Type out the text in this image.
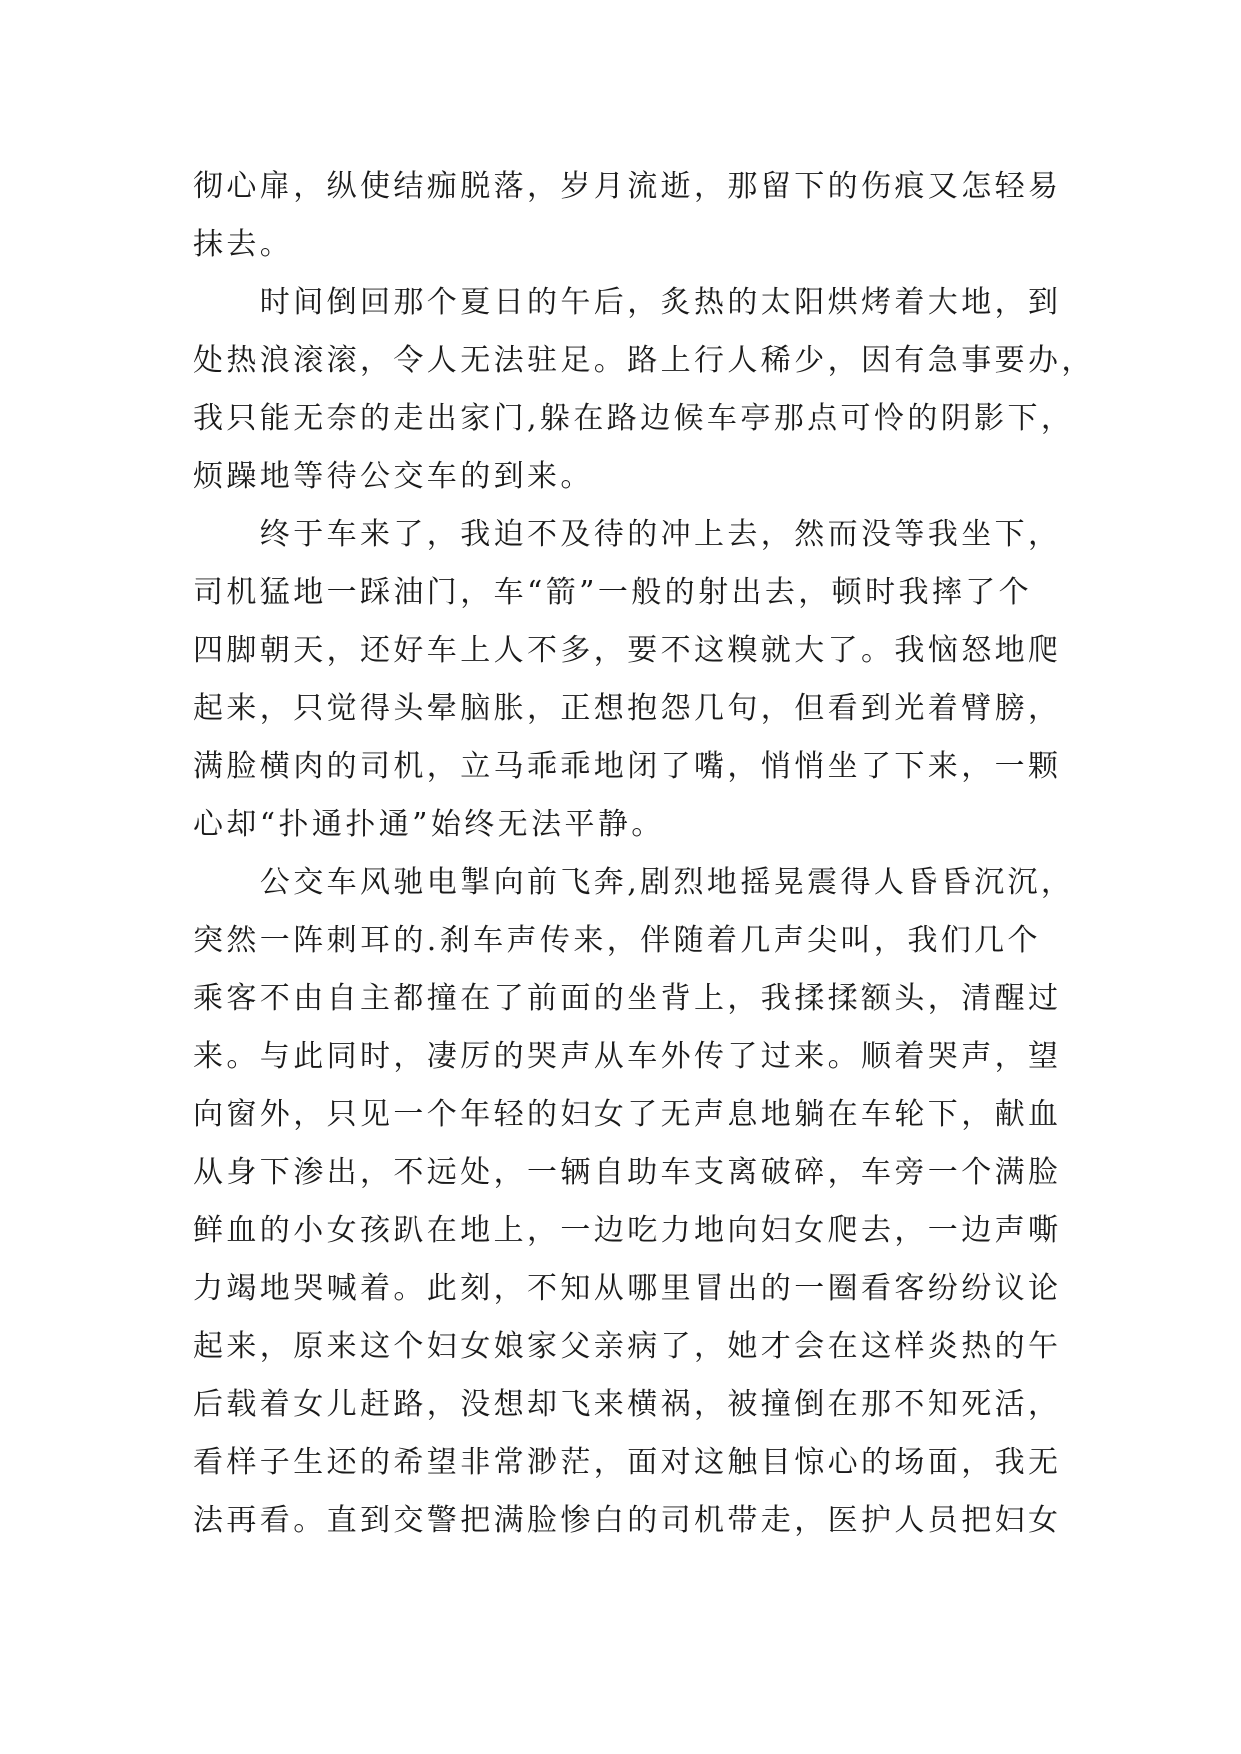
彻心扉，纵使结痂脱落，岁月流逝，那留下的伤痕又怎轻易
抹去。
　　时间倒回那个夏日的午后，炙热的太阳烘烤着大地，到
处热浪滚滚，令人无法驻足。路上行人稀少，因有急事要办，
我只能无奈的走出家门,躲在路边候车亭那点可怜的阴影下，
烦躁地等待公交车的到来。
　　终于车来了，我迫不及待的冲上去，然而没等我坐下，
司机猛地一踩油门，车“箭”一般的射出去，顿时我摔了个
四脚朝天，还好车上人不多，要不这糗就大了。我恼怒地爬
起来，只觉得头晕脑胀，正想抱怨几句，但看到光着臂膀，
满脸横肉的司机，立马乖乖地闭了嘴，悄悄坐了下来，一颗
心却“扑通扑通”始终无法平静。
　　公交车风驰电掣向前飞奔,剧烈地摇晃震得人昏昏沉沉，
突然一阵刺耳的.刹车声传来，伴随着几声尖叫，我们几个
乘客不由自主都撞在了前面的坐背上，我揉揉额头，清醒过
来。与此同时，凄厉的哭声从车外传了过来。顺着哭声，望
向窗外，只见一个年轻的妇女了无声息地躺在车轮下，献血
从身下渗出，不远处，一辆自助车支离破碎，车旁一个满脸
鲜血的小女孩趴在地上，一边吃力地向妇女爬去，一边声嘶
力竭地哭喊着。此刻，不知从哪里冒出的一圈看客纷纷议论
起来，原来这个妇女娘家父亲病了，她才会在这样炎热的午
后载着女儿赶路，没想却飞来横祸，被撞倒在那不知死活，
看样子生还的希望非常渺茫，面对这触目惊心的场面，我无
法再看。直到交警把满脸惨白的司机带走，医护人员把妇女
